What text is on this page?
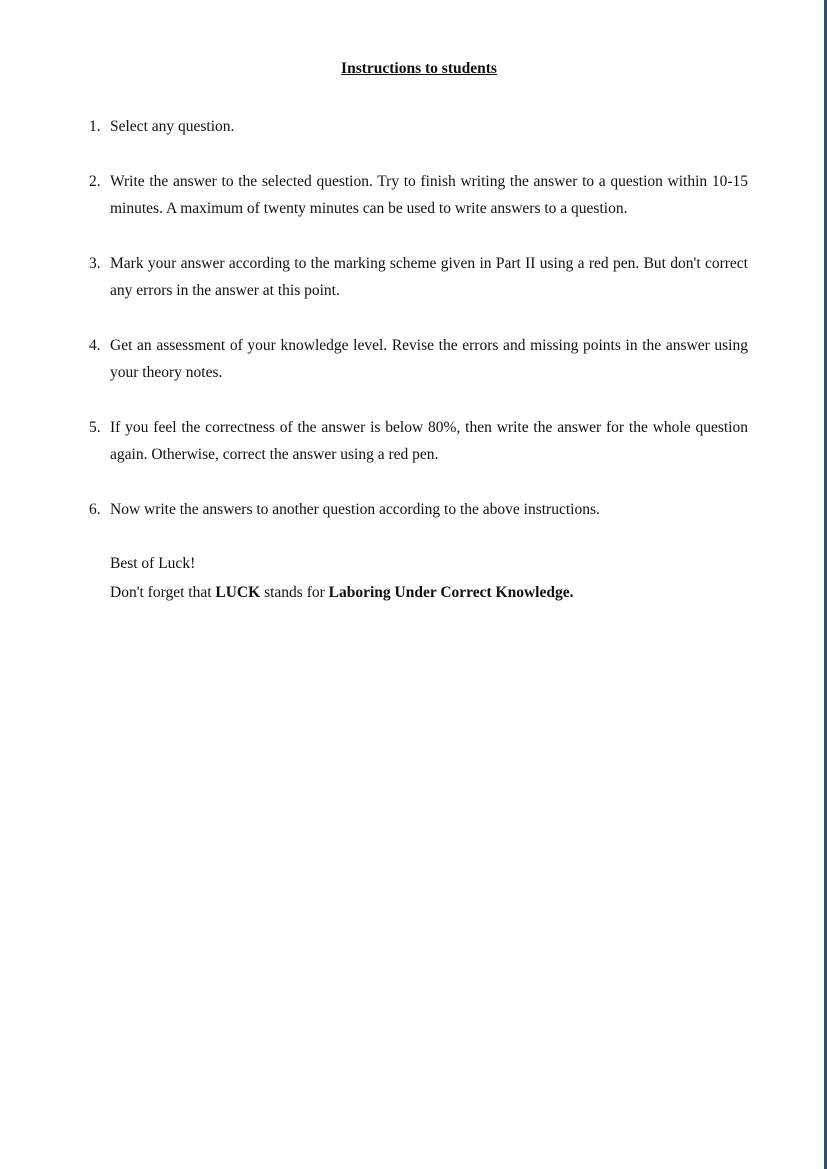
Instructions to students
1. Select any question.
2. Write the answer to the selected question. Try to finish writing the answer to a question within 10-15 minutes. A maximum of twenty minutes can be used to write answers to a question.
3. Mark your answer according to the marking scheme given in Part II using a red pen. But don't correct any errors in the answer at this point.
4. Get an assessment of your knowledge level. Revise the errors and missing points in the answer using your theory notes.
5. If you feel the correctness of the answer is below 80%, then write the answer for the whole question again. Otherwise, correct the answer using a red pen.
6. Now write the answers to another question according to the above instructions.
Best of Luck!
Don't forget that LUCK stands for Laboring Under Correct Knowledge.
